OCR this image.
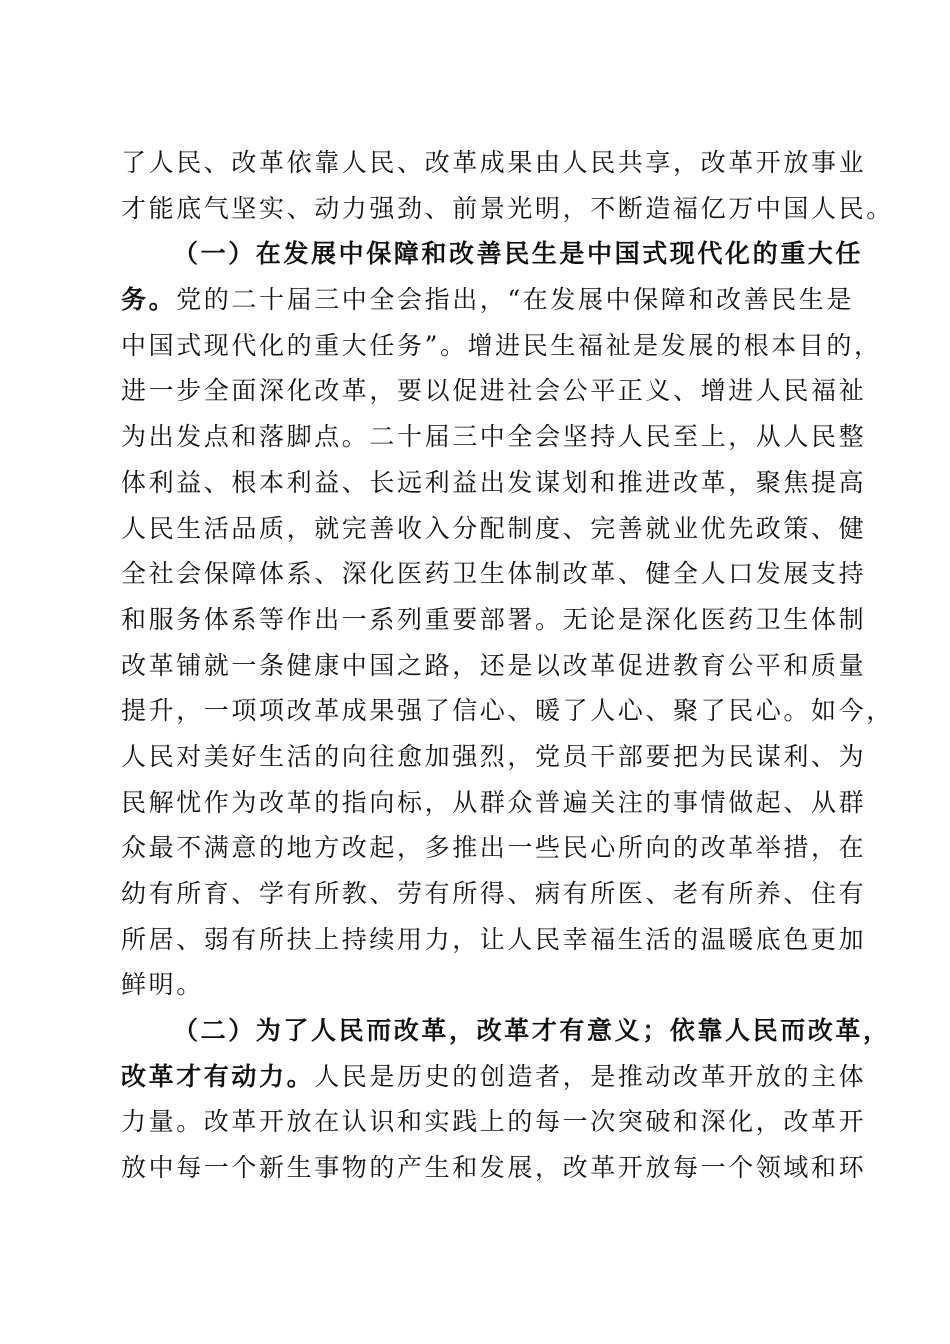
了人民、改革依靠人民、改革成果由人民共享，改革开放事业
才能底气坚实、动力强劲、前景光明，不断造福亿万中国人民。
（一）在发展中保障和改善民生是中国式现代化的重大任
务。党的二十届三中全会指出，“在发展中保障和改善民生是
中国式现代化的重大任务”。增进民生福祉是发展的根本目的，
进一步全面深化改革，要以促进社会公平正义、增进人民福祉
为出发点和落脚点。二十届三中全会坚持人民至上，从人民整
体利益、根本利益、长远利益出发谋划和推进改革，聚焦提高
人民生活品质，就完善收入分配制度、完善就业优先政策、健
全社会保障体系、深化医药卫生体制改革、健全人口发展支持
和服务体系等作出一系列重要部署。无论是深化医药卫生体制
改革铺就一条健康中国之路，还是以改革促进教育公平和质量
提升，一项项改革成果强了信心、暖了人心、聚了民心。如今，
人民对美好生活的向往愈加强烈，党员干部要把为民谋利、为
民解忧作为改革的指向标，从群众普遍关注的事情做起、从群
众最不满意的地方改起，多推出一些民心所向的改革举措，在
幼有所育、学有所教、劳有所得、病有所医、老有所养、住有
所居、弱有所扶上持续用力，让人民幸福生活的温暖底色更加
鲜明。
（二）为了人民而改革，改革才有意义；依靠人民而改革，
改革才有动力。人民是历史的创造者，是推动改革开放的主体
力量。改革开放在认识和实践上的每一次突破和深化，改革开
放中每一个新生事物的产生和发展，改革开放每一个领域和环
